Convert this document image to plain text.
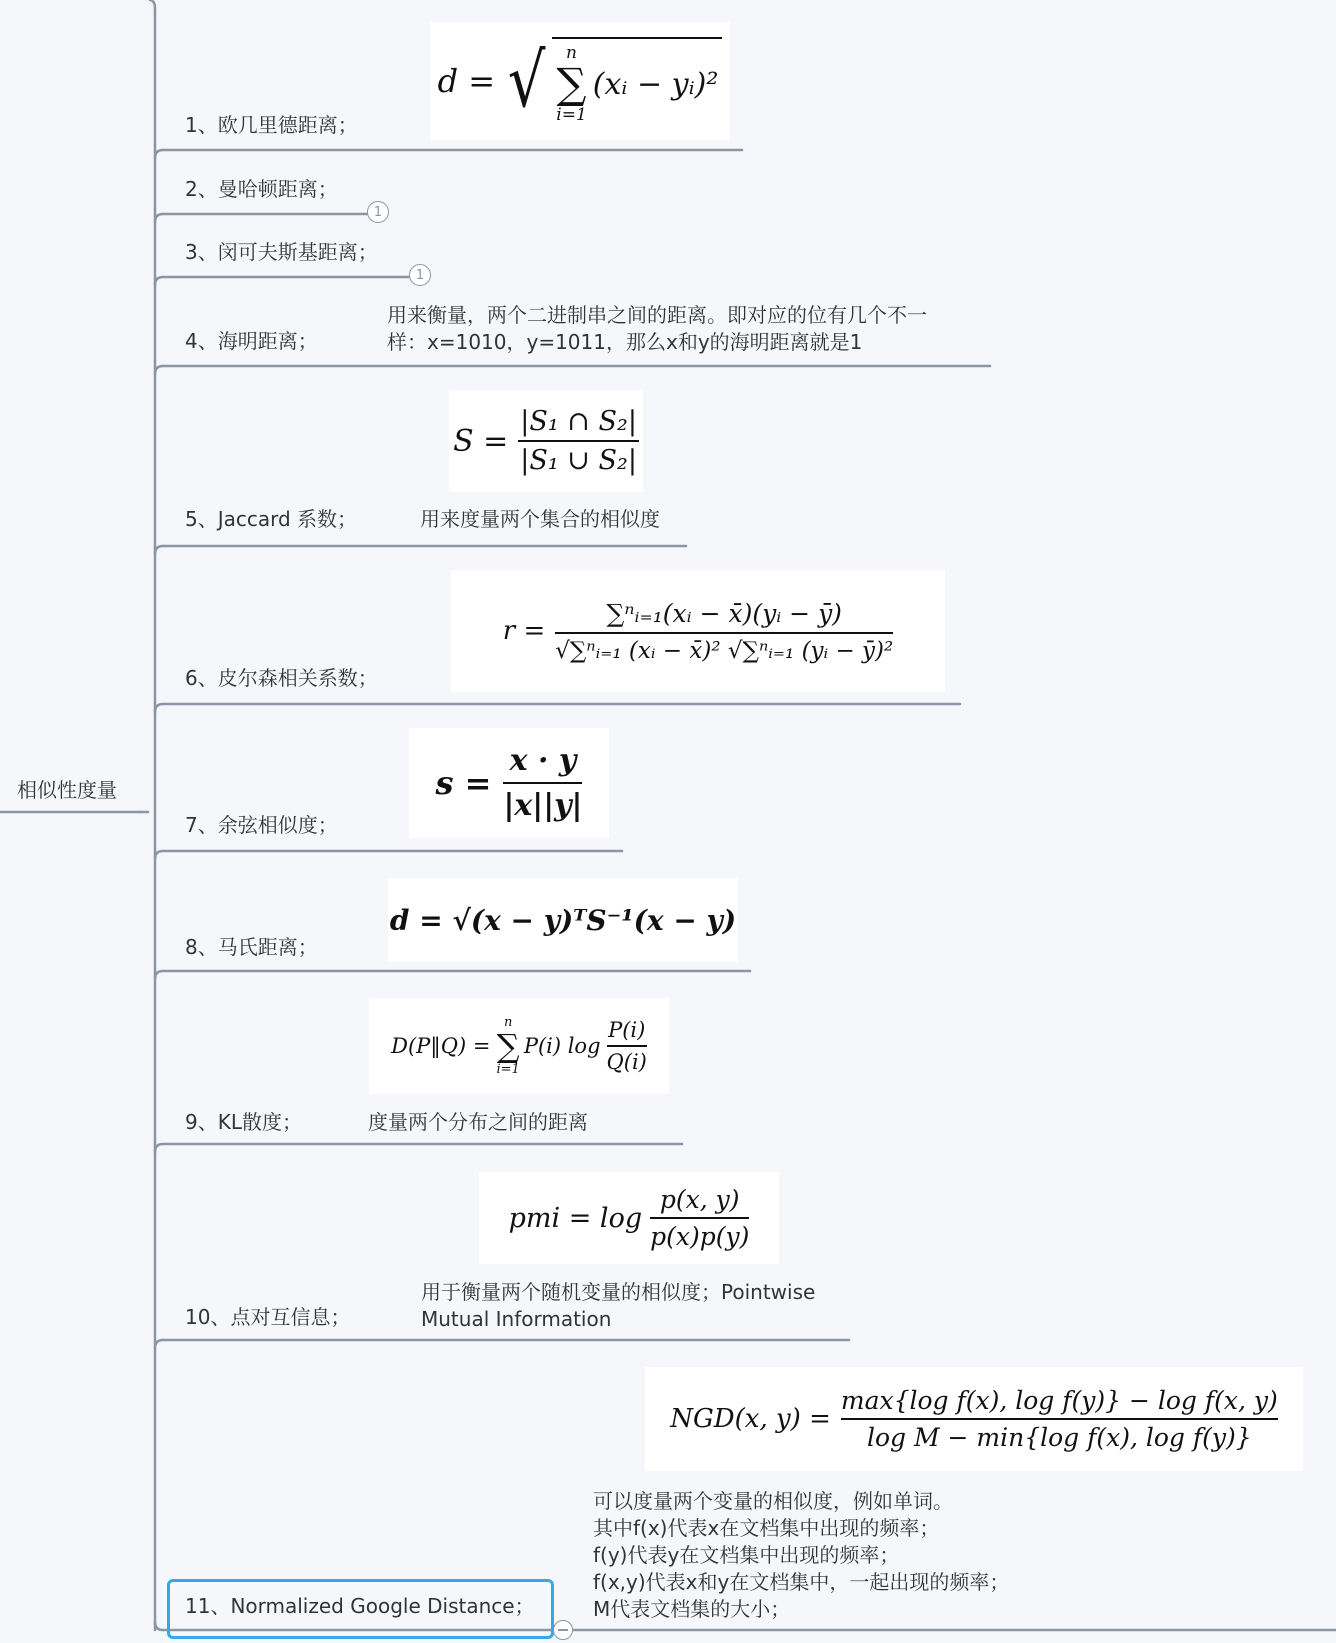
相似性度量
1、欧几里德距离；
d = √ n
∑
i=1
(xᵢ − yᵢ)²
2、曼哈顿距离；
1
3、闵可夫斯基距离；
1
4、海明距离；
用来衡量，两个二进制串之间的距离。即对应的位有几个不一
样：x=1010，y=1011，那么x和y的海明距离就是1
S =
|S₁ ∩ S₂|
|S₁ ∪ S₂|
5、Jaccard 系数；	用来度量两个集合的相似度
r =
∑ⁿᵢ₌₁(xᵢ − x̄)(yᵢ − ȳ)
√∑ⁿᵢ₌₁ (xᵢ − x̄)² √∑ⁿᵢ₌₁ (yᵢ − ȳ)²
6、皮尔森相关系数；
s =
x · y
|x||y|
7、余弦相似度；
d = √(x − y)ᵀS⁻¹(x − y)
8、马氏距离；
D(P‖Q) =
n
∑
i=1
P(i) log
P(i)
Q(i)
9、KL散度；	度量两个分布之间的距离
pmi = log
p(x, y)
p(x)p(y)
10、点对互信息；
用于衡量两个随机变量的相似度；Pointwise
Mutual Information
NGD(x, y) =
max{log f(x), log f(y)} − log f(x, y)
log M − min{log f(x), log f(y)}
11、Normalized Google Distance；
可以度量两个变量的相似度，例如单词。
其中f(x)代表x在文档集中出现的频率；
f(y)代表y在文档集中出现的频率；
f(x,y)代表x和y在文档集中，一起出现的频率；
M代表文档集的大小；
